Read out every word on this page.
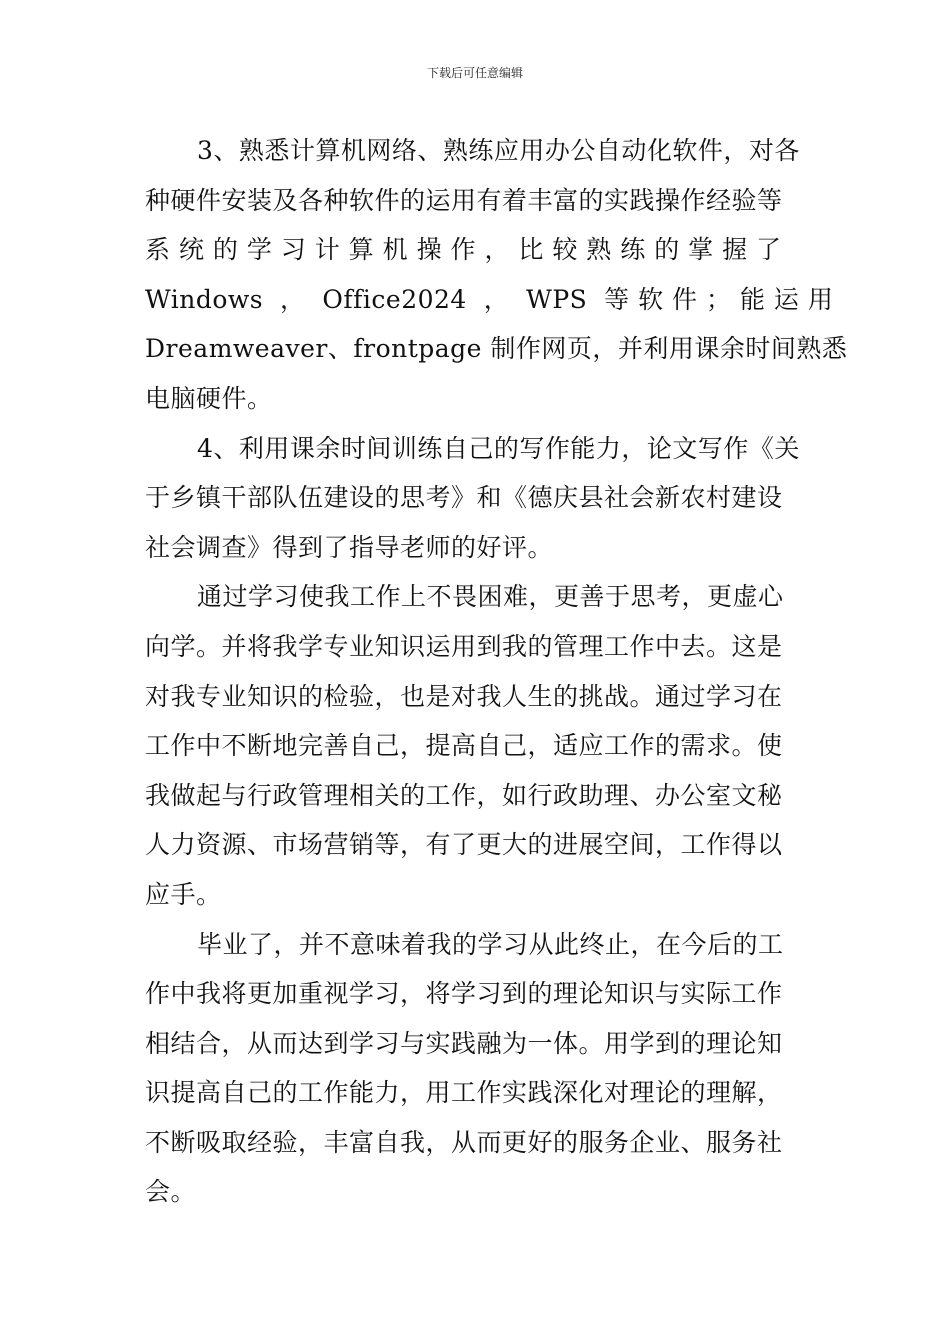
下载后可任意编辑
3、熟悉计算机网络、熟练应用办公自动化软件，对各
种硬件安装及各种软件的运用有着丰富的实践操作经验等
系 统 的 学 习 计 算 机 操 作 ， 比 较 熟 练 的 掌 握 了
Windows  ，  Office2024  ，  WPS  等 软 件 ； 能 运 用
Dreamweaver、frontpage 制作网页，并利用课余时间熟悉
电脑硬件。
4、利用课余时间训练自己的写作能力，论文写作《关
于乡镇干部队伍建设的思考》和《德庆县社会新农村建设
社会调查》得到了指导老师的好评。
通过学习使我工作上不畏困难，更善于思考，更虚心
向学。并将我学专业知识运用到我的管理工作中去。这是
对我专业知识的检验，也是对我人生的挑战。通过学习在
工作中不断地完善自己，提高自己，适应工作的需求。使
我做起与行政管理相关的工作，如行政助理、办公室文秘
人力资源、市场营销等，有了更大的进展空间，工作得以
应手。
毕业了，并不意味着我的学习从此终止，在今后的工
作中我将更加重视学习，将学习到的理论知识与实际工作
相结合，从而达到学习与实践融为一体。用学到的理论知
识提高自己的工作能力，用工作实践深化对理论的理解，
不断吸取经验，丰富自我，从而更好的服务企业、服务社
会。
